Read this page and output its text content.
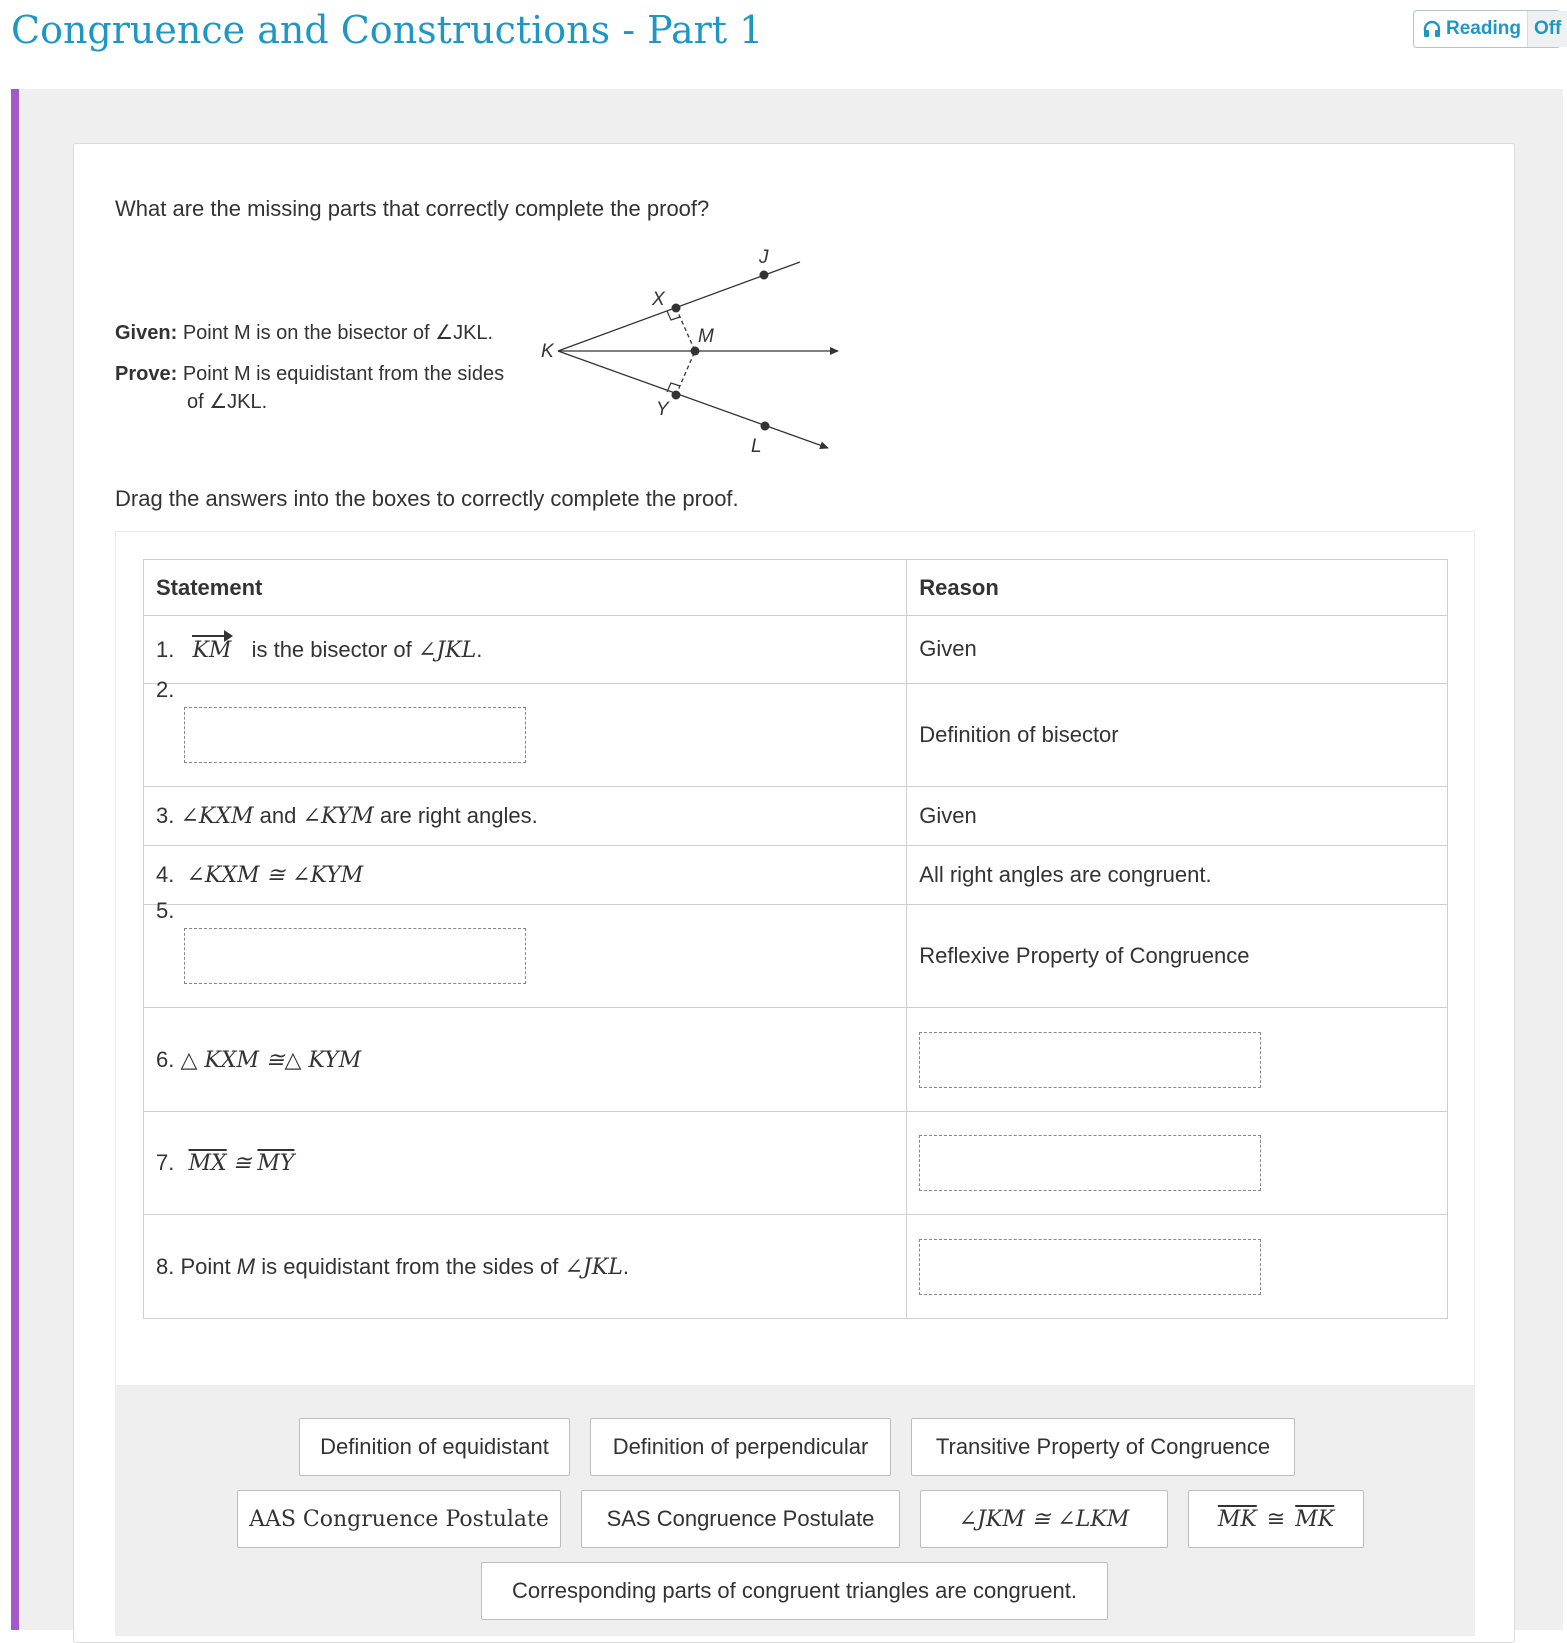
Congruence and Constructions - Part 1	Reading Off

What are the missing parts that correctly complete the proof?

Given: Point M is on the bisector of ∠JKL.
Prove: Point M is equidistant from the sides
of ∠JKL.
J
X
M
K
Y
L

Drag the answers into the boxes to correctly complete the proof.

Statement	Reason
1. KM is the bisector of ∠JKL.	Given
2.	Definition of bisector
3. ∠KXM and ∠KYM are right angles.	Given
4. ∠KXM ≅ ∠KYM	All right angles are congruent.
5.	Reflexive Property of Congruence
6. △ KXM ≅△ KYM	
7. $\overline{MX}$ ≅ $\overline{MY}$	
8. Point M is equidistant from the sides of ∠JKL.	
Definition of equidistant	Definition of perpendicular	Transitive Property of Congruence
AAS Congruence Postulate	SAS Congruence Postulate	∠JKM ≅ ∠LKM	$\overline{MK}$ ≅ $\overline{MK}$
Corresponding parts of congruent triangles are congruent.
